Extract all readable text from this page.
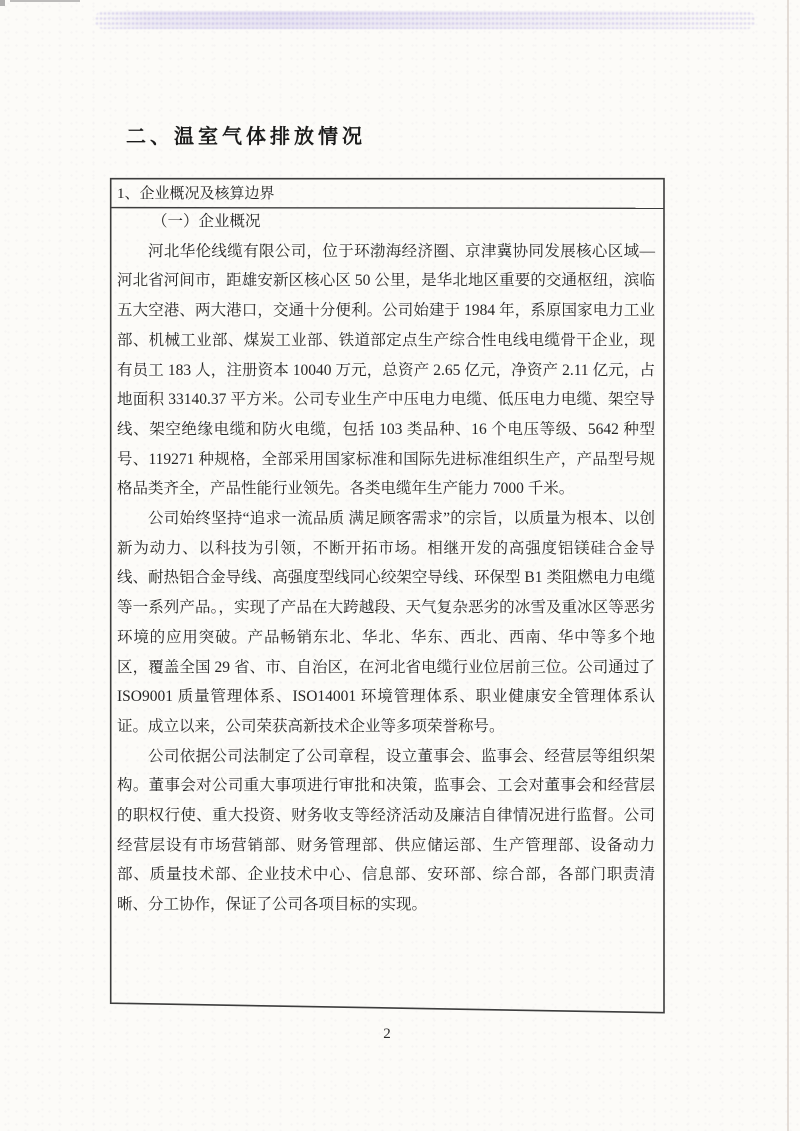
二、温室气体排放情况
1、企业概况及核算边界
（一）企业概况

河北华伦线缆有限公司，位于环渤海经济圈、京津冀协同发展核心区域—河北省河间市，距雄安新区核心区 50 公里，是华北地区重要的交通枢纽，滨临五大空港、两大港口，交通十分便利。公司始建于 1984 年，系原国家电力工业部、机械工业部、煤炭工业部、铁道部定点生产综合性电线电缆骨干企业，现有员工 183 人，注册资本 10040 万元，总资产 2.65 亿元，净资产 2.11 亿元，占地面积 33140.37 平方米。公司专业生产中压电力电缆、低压电力电缆、架空导线、架空绝缘电缆和防火电缆，包括 103 类品种、16 个电压等级、5642 种型号、119271 种规格，全部采用国家标准和国际先进标准组织生产，产品型号规格品类齐全，产品性能行业领先。各类电缆年生产能力 7000 千米。

公司始终坚持“追求一流品质 满足顾客需求”的宗旨，以质量为根本、以创新为动力、以科技为引领，不断开拓市场。相继开发的高强度铝镁硅合金导线、耐热铝合金导线、高强度型线同心绞架空导线、环保型 B1 类阻燃电力电缆等一系列产品。，实现了产品在大跨越段、天气复杂恶劣的冰雪及重冰区等恶劣环境的应用突破。产品畅销东北、华北、华东、西北、西南、华中等多个地区，覆盖全国 29 省、市、自治区，在河北省电缆行业位居前三位。公司通过了 ISO9001 质量管理体系、ISO14001 环境管理体系、职业健康安全管理体系认证。成立以来，公司荣获高新技术企业等多项荣誉称号。

公司依据公司法制定了公司章程，设立董事会、监事会、经营层等组织架构。董事会对公司重大事项进行审批和决策，监事会、工会对董事会和经营层的职权行使、重大投资、财务收支等经济活动及廉洁自律情况进行监督。公司经营层设有市场营销部、财务管理部、供应储运部、生产管理部、设备动力部、质量技术部、企业技术中心、信息部、安环部、综合部，各部门职责清晰、分工协作，保证了公司各项目标的实现。

2
